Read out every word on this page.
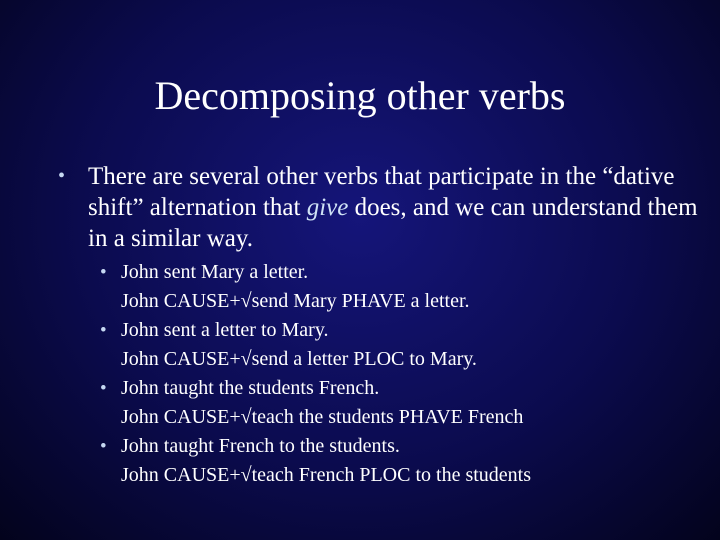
Decomposing other verbs
• There are several other verbs that participate in the “dative shift” alternation that give does, and we can understand them in a similar way.
• John sent Mary a letter.
John CAUSE+√send Mary PHAVE a letter.
• John sent a letter to Mary.
John CAUSE+√send a letter PLOC to Mary.
• John taught the students French.
John CAUSE+√teach the students PHAVE French
• John taught French to the students.
John CAUSE+√teach French PLOC to the students
